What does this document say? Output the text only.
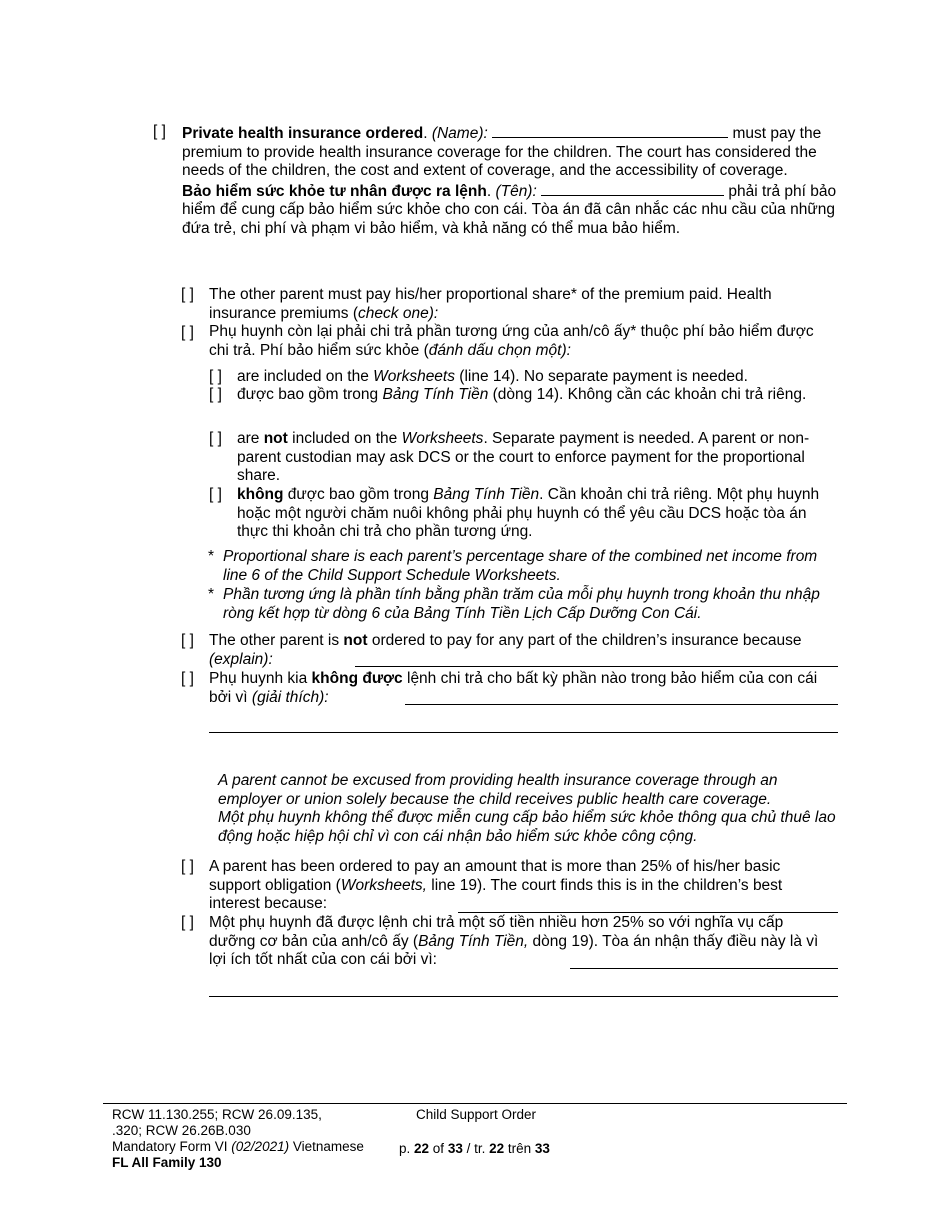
[ ] Private health insurance ordered. (Name):	must pay the premium to provide health insurance coverage for the children. The court has considered the needs of the children, the cost and extent of coverage, and the accessibility of coverage.
Bảo hiểm sức khỏe tư nhân được ra lệnh. (Tên):	phải trả phí bảo hiểm để cung cấp bảo hiểm sức khỏe cho con cái. Tòa án đã cân nhắc các nhu cầu của những đứa trẻ, chi phí và phạm vi bảo hiểm, và khả năng có thể mua bảo hiểm.
[ ] The other parent must pay his/her proportional share* of the premium paid. Health insurance premiums (check one):
[ ] Phụ huynh còn lại phải chi trả phần tương ứng của anh/cô ấy* thuộc phí bảo hiểm được chi trả. Phí bảo hiểm sức khỏe (đánh dấu chọn một):
[ ] are included on the Worksheets (line 14). No separate payment is needed.
[ ] được bao gồm trong Bảng Tính Tiền (dòng 14). Không cần các khoản chi trả riêng.
[ ] are not included on the Worksheets. Separate payment is needed. A parent or non-parent custodian may ask DCS or the court to enforce payment for the proportional share.
[ ] không được bao gồm trong Bảng Tính Tiền. Cần khoản chi trả riêng. Một phụ huynh hoặc một người chăm nuôi không phải phụ huynh có thể yêu cầu DCS hoặc tòa án thực thi khoản chi trả cho phần tương ứng.
* Proportional share is each parent’s percentage share of the combined net income from line 6 of the Child Support Schedule Worksheets.
* Phần tương ứng là phần tính bằng phần trăm của mỗi phụ huynh trong khoản thu nhập ròng kết hợp từ dòng 6 của Bảng Tính Tiền Lịch Cấp Dưỡng Con Cái.
[ ] The other parent is not ordered to pay for any part of the children’s insurance because (explain):
[ ] Phụ huynh kia không được lệnh chi trả cho bất kỳ phần nào trong bảo hiểm của con cái bởi vì (giải thích):
A parent cannot be excused from providing health insurance coverage through an employer or union solely because the child receives public health care coverage.
Một phụ huynh không thể được miễn cung cấp bảo hiểm sức khỏe thông qua chủ thuê lao động hoặc hiệp hội chỉ vì con cái nhận bảo hiểm sức khỏe công cộng.
[ ] A parent has been ordered to pay an amount that is more than 25% of his/her basic support obligation (Worksheets, line 19). The court finds this is in the children’s best interest because:
[ ] Một phụ huynh đã được lệnh chi trả một số tiền nhiều hơn 25% so với nghĩa vụ cấp dưỡng cơ bản của anh/cô ấy (Bảng Tính Tiền, dòng 19). Tòa án nhận thấy điều này là vì lợi ích tốt nhất của con cái bởi vì:
RCW 11.130.255; RCW 26.09.135,
.320; RCW 26.26B.030
Mandatory Form VI (02/2021) Vietnamese
FL All Family 130
Child Support Order
p. 22 of 33 / tr. 22 trên 33
